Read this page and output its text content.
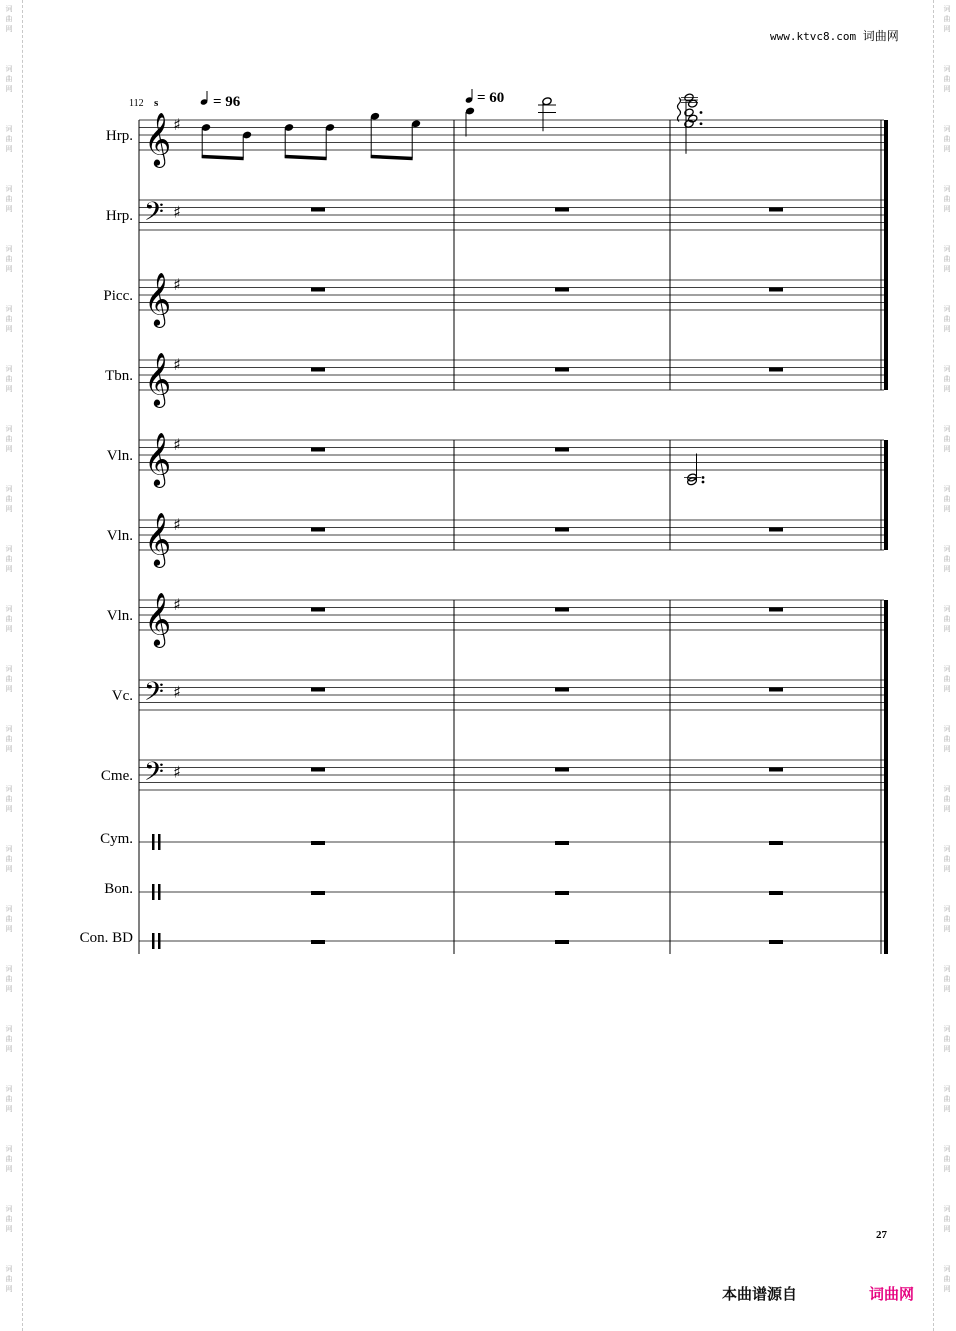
词
曲
网
词
曲
网
词
曲
网
词
曲
网
词
曲
网
词
曲
网
词
曲
网
词
曲
网
词
曲
网
词
曲
网
词
曲
网
词
曲
网
词
曲
网
词
曲
网
词
曲
网
词
曲
网
词
曲
网
词
曲
网
词
曲
网
词
曲
网
词
曲
网
词
曲
网
词
曲
网
词
曲
网
词
曲
网
词
曲
网
词
曲
网
词
曲
网
词
曲
网
词
曲
网
词
曲
网
词
曲
网
词
曲
网
词
曲
网
词
曲
网
词
曲
网
词
曲
网
词
曲
网
词
曲
网
词
曲
网
词
曲
网
词
曲
网
词
曲
网
词
曲
网
www.ktvc8.com 词曲网
112 s	= 96	= 60
Hrp. 𝄞 ♯
Hrp. 𝄢 ♯
Picc. 𝄞 ♯
Tbn. 𝄞 ♯
Vln. 𝄞 ♯
Vln. 𝄞 ♯
Vln. 𝄞 ♯
Vc. 𝄢 ♯
Cme. 𝄢 ♯
Cym.
Bon.
Con. BD
27
本曲谱源自	词曲网
